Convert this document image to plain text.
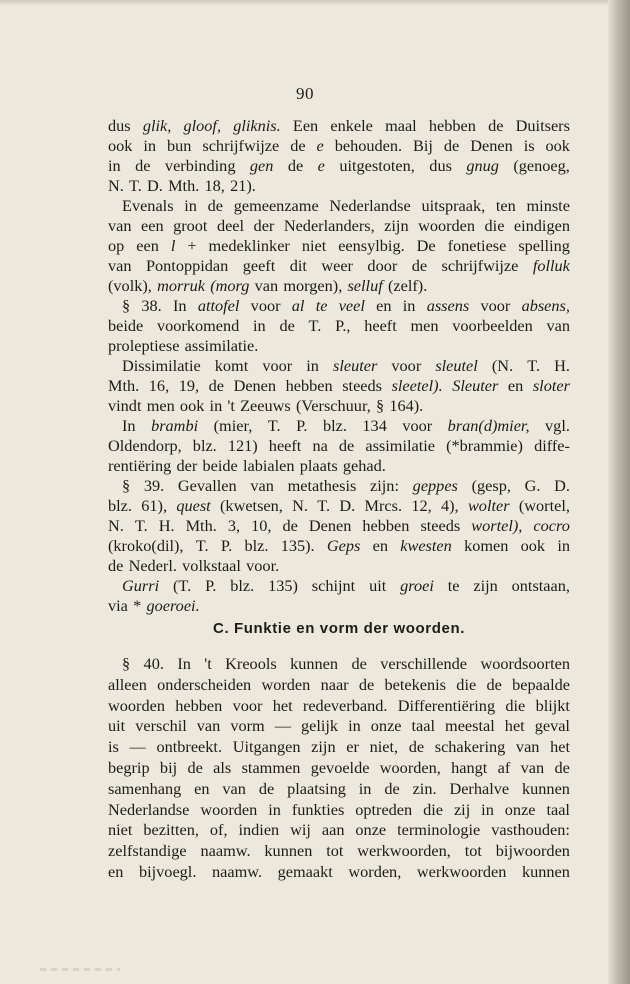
90
dus glik, gloof, gliknis. Een enkele maal hebben de Duitsers
ook in bun schrijfwijze de e behouden. Bij de Denen is ook
in de verbinding gen de e uitgestoten, dus gnug (genoeg,
N. T. D. Mth. 18, 21).
Evenals in de gemeenzame Nederlandse uitspraak, ten minste
van een groot deel der Nederlanders, zijn woorden die eindigen
op een l + medeklinker niet eensylbig. De fonetiese spelling
van Pontoppidan geeft dit weer door de schrijfwijze folluk
(volk), morruk (morg van morgen), selluf (zelf).
§ 38. In attofel voor al te veel en in assens voor absens,
beide voorkomend in de T. P., heeft men voorbeelden van
proleptiese assimilatie.
Dissimilatie komt voor in sleuter voor sleutel (N. T. H.
Mth. 16, 19, de Denen hebben steeds sleetel). Sleuter en sloter
vindt men ook in 't Zeeuws (Verschuur, § 164).
In brambi (mier, T. P. blz. 134 voor bran(d)mier, vgl.
Oldendorp, blz. 121) heeft na de assimilatie (*brammie) diffe-
rentiëring der beide labialen plaats gehad.
§ 39. Gevallen van metathesis zijn: geppes (gesp, G. D.
blz. 61), quest (kwetsen, N. T. D. Mrcs. 12, 4), wolter (wortel,
N. T. H. Mth. 3, 10, de Denen hebben steeds wortel), cocro
(kroko(dil), T. P. blz. 135). Geps en kwesten komen ook in
de Nederl. volkstaal voor.
Gurri (T. P. blz. 135) schijnt uit groei te zijn ontstaan,
via * goeroei.
C. Funktie en vorm der woorden.
§ 40. In 't Kreools kunnen de verschillende woordsoorten
alleen onderscheiden worden naar de betekenis die de bepaalde
woorden hebben voor het redeverband. Differentiëring die blijkt
uit verschil van vorm — gelijk in onze taal meestal het geval
is — ontbreekt. Uitgangen zijn er niet, de schakering van het
begrip bij de als stammen gevoelde woorden, hangt af van de
samenhang en van de plaatsing in de zin. Derhalve kunnen
Nederlandse woorden in funkties optreden die zij in onze taal
niet bezitten, of, indien wij aan onze terminologie vasthouden:
zelfstandige naamw. kunnen tot werkwoorden, tot bijwoorden
en bijvoegl. naamw. gemaakt worden, werkwoorden kunnen
